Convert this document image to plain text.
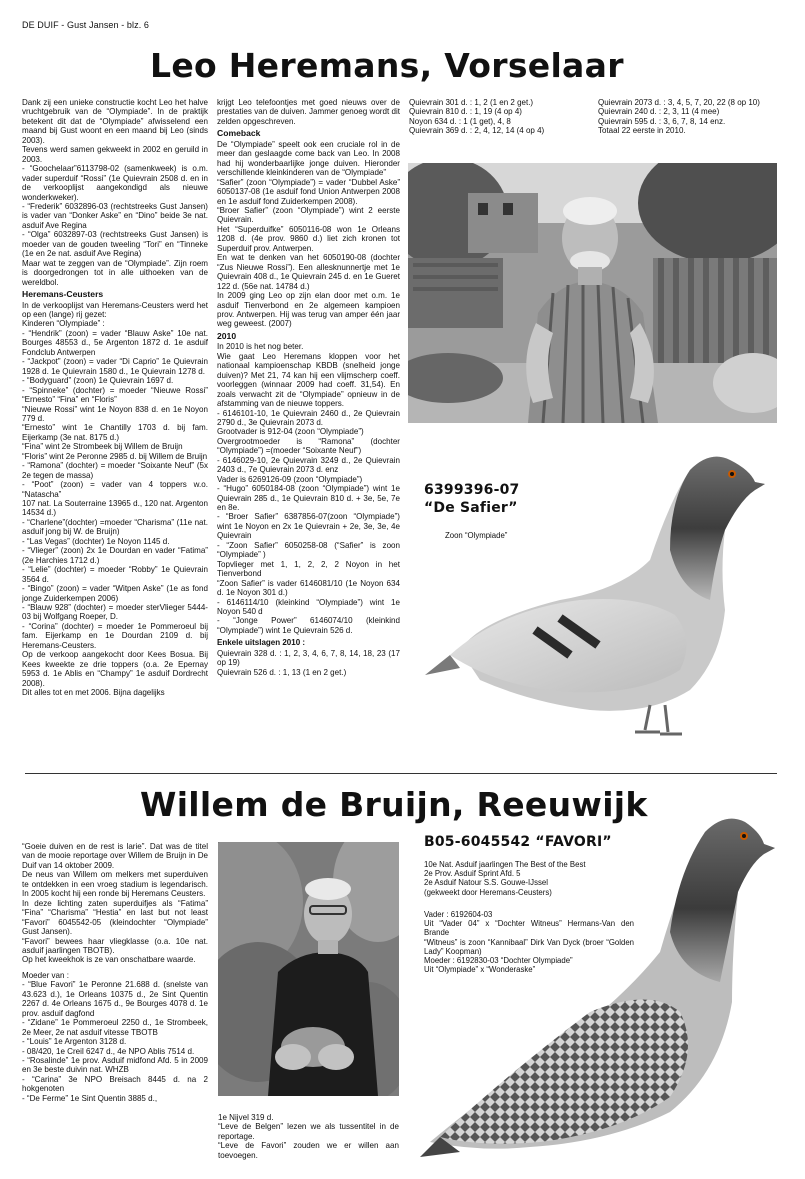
DE DUIF - Gust Jansen - blz. 6
Leo Heremans, Vorselaar

Dank zij een unieke constructie kocht Leo het halve vruchtgebruik van de “Olympiade”. In de praktijk betekent dit dat de “Olympiade” afwisselend een maand bij Gust woont en een maand bij Leo (sinds 2003).

Tevens werd samen gekweekt in 2002 en geruild in 2003.

- “Goochelaar”6113798-02 (samenkweek) is o.m. vader superduif “Rossi” (1e Quievrain 2508 d. en in de verkooplijst aangekondigd als nieuwe wonderkweker).

- “Frederik” 6032896-03 (rechtstreeks Gust Jansen) is vader van “Donker Aske” en “Dino” beide 3e nat. asduif Ave Regina

- “Olga” 6032897-03 (rechtstreeks Gust Jansen) is moeder van de gouden tweeling “Tori” en “Tinneke (1e en 2e nat. asduif Ave Regina)

Maar wat te zeggen van de “Olympiade”. Zijn roem is doorgedrongen tot in alle uithoeken van de wereldbol.

Heremans-Ceusters

In de verkooplijst van Heremans-Ceusters werd het op een (lange) rij gezet:

Kinderen “Olympiade” :

- “Hendrik” (zoon) = vader “Blauw Aske” 10e nat. Bourges 48553 d., 5e Argenton 1872 d. 1e asduif Fondclub Antwerpen

- “Jackpot” (zoon) = vader “Di Caprio” 1e Quievrain 1928 d. 1e Quievrain 1580 d., 1e Quievrain 1278 d.

- “Bodyguard” (zoon) 1e Quievrain 1697 d.

- “Spinneke” (dochter) = moeder “Nieuwe Rossi” “Ernesto” “Fina” en “Floris”

“Nieuwe Rossi” wint 1e Noyon 838 d. en 1e Noyon 779 d.

“Ernesto” wint 1e Chantilly 1703 d. bij fam. Eijerkamp (3e nat. 8175 d.)

“Fina” wint 2e Strombeek bij Willem de Bruijn

“Floris” wint 2e Peronne 2985 d. bij Willem de Bruijn

- “Ramona” (dochter) = moeder “Soixante Neuf” (5x 2e tegen de massa)

- “Poot” (zoon) = vader van 4 toppers w.o. “Natascha”

107 nat. La Souterraine 13965 d., 120 nat. Argenton 14534 d.)

- “Charlene”(dochter) =moeder “Charisma” (11e nat. asduif jong bij W. de Bruijn)

- “Las Vegas” (dochter) 1e Noyon 1145 d.

- “Vlieger” (zoon) 2x 1e Dourdan en vader “Fatima” (2e Harchies 1712 d.)

- “Lelie” (dochter) = moeder “Robby” 1e Quievrain 3564 d.

- “Bingo” (zoon) = vader “Witpen Aske” (1e as fond jonge Zuiderkempen 2006)

- “Blauw 928” (dochter) = moeder sterVlieger 5444-03 bij Wolfgang Roeper, D.

- “Corina” (dochter) = moeder 1e Pommeroeul bij fam. Eijerkamp en 1e Dourdan 2109 d. bij Heremans-Ceusters.

Op de verkoop aangekocht door Kees Bosua. Bij Kees kweekte ze drie toppers (o.a. 2e Epernay 5953 d. 1e Ablis en “Champy” 1e asduif Dordrecht 2008).

Dit alles tot en met 2006. Bijna dagelijks

krijgt Leo telefoontjes met goed nieuws over de prestaties van de duiven. Jammer genoeg wordt dit zelden opgeschreven.

Comeback

De “Olympiade” speelt ook een cruciale rol in de meer dan geslaagde come back van Leo. In 2008 had hij wonderbaarlijke jonge duiven. Hieronder verschillende kleinkinderen van de “Olympiade”

“Safier” (zoon “Olympiade”) = vader “Dubbel Aske” 6050137-08 (1e asduif fond Union Antwerpen 2008 en 1e asduif fond Zuiderkempen 2008).

“Broer Safier” (zoon “Olympiade”) wint 2 eerste Quievrain.

Het “Superduifke” 6050116-08 won 1e Orleans 1208 d. (4e prov. 9860 d.) liet zich kronen tot Superduif prov. Antwerpen.

En wat te denken van het 6050190-08 (dochter “Zus Nieuwe Rossi”). Een allesknunnertje met 1e Quievrain 408 d., 1e Quievrain 245 d. en 1e Gueret 122 d. (56e nat. 14784 d.)

In 2009 ging Leo op zijn elan door met o.m. 1e asduif Tienverbond en 2e algemeen kampioen prov. Antwerpen. Hij was terug van amper één jaar weg geweest. (2007)

2010

In 2010 is het nog beter.

Wie gaat Leo Heremans kloppen voor het nationaal kampioenschap KBDB (snelheid jonge duiven)? Met 21, 74 kan hij een vlijmscherp coeff. voorleggen (winnaar 2009 had coeff. 31,54). En zoals verwacht zit de “Olympiade” opnieuw in de afstamming van de nieuwe toppers.

- 6146101-10, 1e Quievrain 2460 d., 2e Quievrain 2790 d., 3e Quievrain 2073 d.

Grootvader is 912-04 (zoon “Olympiade”)

Overgrootmoeder is “Ramona” (dochter “Olympiade”) =(moeder “Soixante Neuf”)

- 6146029-10, 2e Quievrain 3249 d., 2e Quievrain 2403 d., 7e Quievrain 2073 d. enz

Vader is 6269126-09 (zoon “Olympiade”)

- “Hugo” 6050184-08 (zoon “Olympiade”) wint 1e Quievrain 285 d., 1e Quievrain 810 d. + 3e, 5e, 7e en 8e.

- “Broer Safier” 6387856-07(zoon “Olympiade”) wint 1e Noyon en 2x 1e Quievrain + 2e, 3e, 3e, 4e Quievrain

- “Zoon Safier” 6050258-08 (“Safier” is zoon “Olympiade” )

Topvlieger met 1, 1, 2, 2, 2 Noyon in het Tienverbond

“Zoon Safier” is vader 6146081/10 (1e Noyon 634 d. 1e Noyon 301 d.)

- 6146114/10 (kleinkind “Olympiade”) wint 1e Noyon 540 d

- “Jonge Power” 6146074/10 (kleinkind “Olympiade”) wint 1e Quievrain 526 d.

Enkele uitslagen 2010 :

Quievrain 328 d. : 1, 2, 3, 4, 6, 7, 8, 14, 18, 23 (17 op 19)

Quievrain 526 d. : 1, 13 (1 en 2 get.)

Quievrain 301 d. : 1, 2 (1 en 2 get.)
Quievrain 810 d. : 1, 19 (4 op 4)
Noyon 634 d. : 1 (1 get), 4, 8
Quievrain 369 d. : 2, 4, 12, 14 (4 op 4)
Quievrain 2073 d. : 3, 4, 5, 7, 20, 22 (8 op 10)
Quievrain 240 d. : 2, 3, 11 (4 mee)
Quievrain 595 d. : 3, 6, 7, 8, 14 enz.
Totaal 22 eerste in 2010.
6399396-07
“De Safier”
Zoon “Olympiade”
Willem de Bruijn, Reeuwijk

“Goeie duiven en de rest is larie”. Dat was de titel van de mooie reportage over Willem de Bruijn in De Duif van 14 oktober 2009.

De neus van Willem om melkers met superduiven te ontdekken in een vroeg stadium is legendarisch. In 2005 kocht hij een ronde bij Heremans Ceusters.

In deze lichting zaten superduifjes als “Fatima” “Fina” “Charisma” “Hestia” en last but not least “Favori” 6045542-05 (kleindochter “Olympiade” Gust Jansen).

“Favori” bewees haar vliegklasse (o.a. 10e nat. asduif jaarlingen TBOTB).

Op het kweekhok is ze van onschatbare waarde.

Moeder van :

- “Blue Favori” 1e Peronne 21.688 d. (snelste van 43.623 d.), 1e Orleans 10375 d., 2e Sint Quentin 2267 d. 4e Orleans 1675 d., 9e Bourges 4078 d. 1e prov. asduif dagfond

- “Zidane” 1e Pommeroeul 2250 d., 1e Strombeek, 2e Meer, 2e nat asduif vitesse TBOTB

- “Louis” 1e Argenton 3128 d.

- 08/420, 1e Creil 6247 d., 4e NPO Ablis 7514 d.

- “Rosalinde” 1e prov. Asduif midfond Afd. 5 in 2009 en 3e beste duivin nat. WHZB

- “Carina” 3e NPO Breisach 8445 d. na 2 hokgenoten

- “De Ferme” 1e Sint Quentin 3885 d.,

1e Nijvel 319 d.

“Leve de Belgen” lezen we als tussentitel in de reportage.

“Leve de Favori” zouden we er willen aan toevoegen.

B05-6045542 “FAVORI”
10e Nat. Asduif jaarlingen The Best of the Best
2e Prov. Asduif Sprint Afd. 5
2e Asduif Natour S.S. Gouwe-IJssel
(gekweekt door Heremans-Ceusters)
Vader : 6192604-03
Uit “Vader 04” x “Dochter Witneus” Hermans-Van den Brande
“Witneus” is zoon “Kannibaal” Dirk Van Dyck (broer “Golden Lady” Koopman)
Moeder : 6192830-03 “Dochter Olympiade”
Uit “Olympiade” x “Wonderaske”
